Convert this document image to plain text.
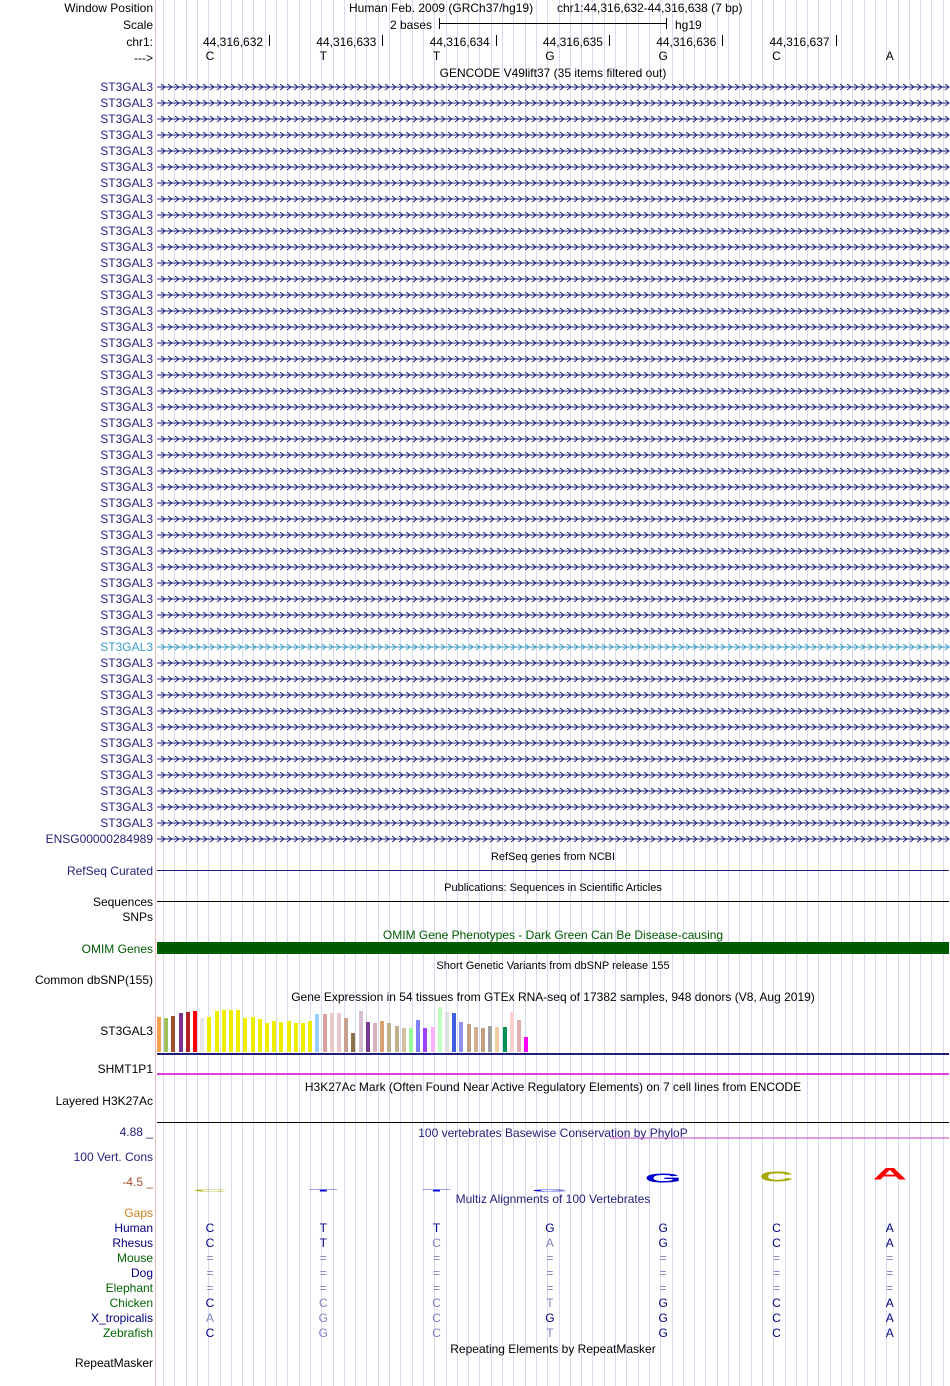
Window Position
Scale
chr1:
--->
Human Feb. 2009 (GRCh37/hg19) chr1:44,316,632-44,316,638 (7 bp)
2 bases	hg19
44,316,632	44,316,633	44,316,634	44,316,635	44,316,636	44,316,637
C	T	T	G	G	C	A
GENCODE V49lift37 (35 items filtered out)
ST3GAL3
ST3GAL3
ST3GAL3
ST3GAL3
ST3GAL3
ST3GAL3
ST3GAL3
ST3GAL3
ST3GAL3
ST3GAL3
ST3GAL3
ST3GAL3
ST3GAL3
ST3GAL3
ST3GAL3
ST3GAL3
ST3GAL3
ST3GAL3
ST3GAL3
ST3GAL3
ST3GAL3
ST3GAL3
ST3GAL3
ST3GAL3
ST3GAL3
ST3GAL3
ST3GAL3
ST3GAL3
ST3GAL3
ST3GAL3
ST3GAL3
ST3GAL3
ST3GAL3
ST3GAL3
ST3GAL3
ST3GAL3
ST3GAL3
ST3GAL3
ST3GAL3
ST3GAL3
ST3GAL3
ST3GAL3
ST3GAL3
ST3GAL3
ST3GAL3
ST3GAL3
ST3GAL3
ENSG00000284989
RefSeq genes from NCBI
RefSeq Curated
Publications: Sequences in Scientific Articles
Sequences
SNPs
OMIM Gene Phenotypes - Dark Green Can Be Disease-causing
OMIM Genes
Short Genetic Variants from dbSNP release 155
Common dbSNP(155)
Gene Expression in 54 tissues from GTEx RNA-seq of 17382 samples, 948 donors (V8, Aug 2019)
ST3GAL3
SHMT1P1
H3K27Ac Mark (Often Found Near Active Regulatory Elements) on 7 cell lines from ENCODE
Layered H3K27Ac
4.88 _	100 vertebrates Basewise Conservation by PhyloP
100 Vert. Cons
-4.5 _
C T T G
G C A
Multiz Alignments of 100 Vertebrates
Gaps
Human	C	T	T	G	G	C	A
Rhesus	C	T	C	A	G	C	A
Mouse	=	=	=	=	=	=	=
Dog	=	=	=	=	=	=	=
Elephant	=	=	=	=	=	=	=
Chicken	C	C	C	T	G	C	A
X_tropicalis	A	G	C	G	G	C	A
Zebrafish	C	G	C	T	G	C	A
Repeating Elements by RepeatMasker
RepeatMasker
